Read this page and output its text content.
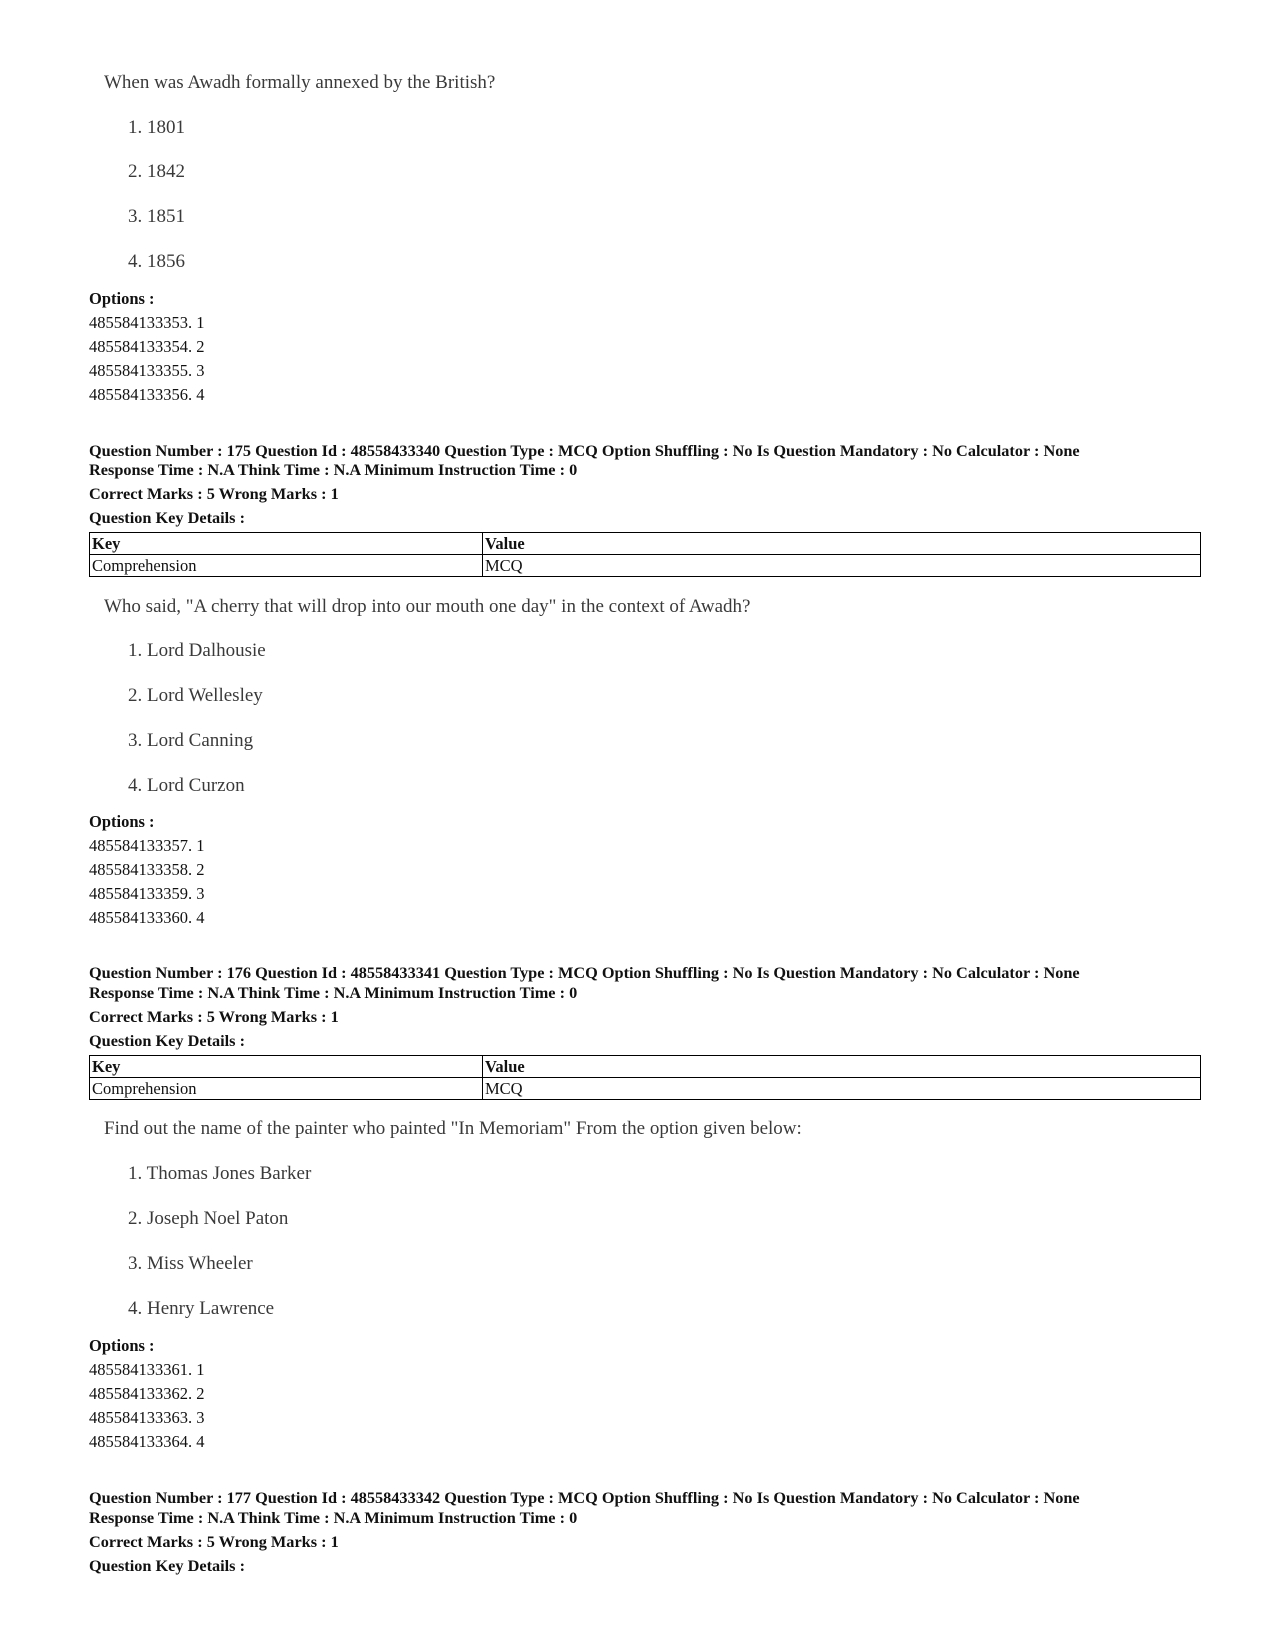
When was Awadh formally annexed by the British?
1. 1801
2. 1842
3. 1851
4. 1856
Options :
485584133353. 1
485584133354. 2
485584133355. 3
485584133356. 4
Question Number : 175 Question Id : 48558433340 Question Type : MCQ Option Shuffling : No Is Question Mandatory : No Calculator : None
Response Time : N.A Think Time : N.A Minimum Instruction Time : 0
Correct Marks : 5 Wrong Marks : 1
Question Key Details :
Key	Value
Comprehension	MCQ
Who said, "A cherry that will drop into our mouth one day" in the context of Awadh?
1. Lord Dalhousie
2. Lord Wellesley
3. Lord Canning
4. Lord Curzon
Options :
485584133357. 1
485584133358. 2
485584133359. 3
485584133360. 4
Question Number : 176 Question Id : 48558433341 Question Type : MCQ Option Shuffling : No Is Question Mandatory : No Calculator : None
Response Time : N.A Think Time : N.A Minimum Instruction Time : 0
Correct Marks : 5 Wrong Marks : 1
Question Key Details :
Key	Value
Comprehension	MCQ
Find out the name of the painter who painted "In Memoriam" From the option given below:
1. Thomas Jones Barker
2. Joseph Noel Paton
3. Miss Wheeler
4. Henry Lawrence
Options :
485584133361. 1
485584133362. 2
485584133363. 3
485584133364. 4
Question Number : 177 Question Id : 48558433342 Question Type : MCQ Option Shuffling : No Is Question Mandatory : No Calculator : None
Response Time : N.A Think Time : N.A Minimum Instruction Time : 0
Correct Marks : 5 Wrong Marks : 1
Question Key Details :
